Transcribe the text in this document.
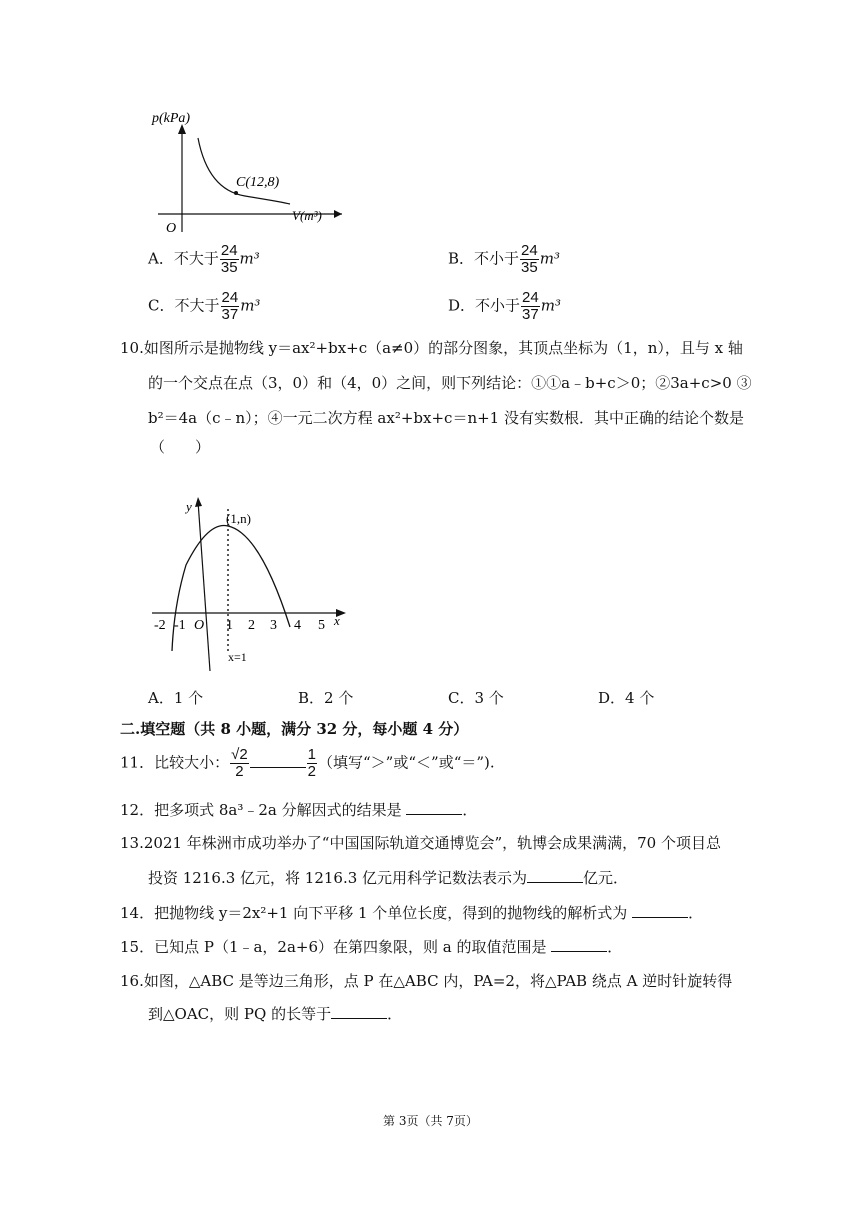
p(kPa)
V(m³)
O
C(12,8)
A．不大于 $\frac{24}{35} m^3$	B．不小于 $\frac{24}{35} m^3$
C．不大于 $\frac{24}{37} m^3$	D．不小于 $\frac{24}{37} m^3$
10.如图所示是抛物线 y＝ax²+bx+c（a≠0）的部分图象，其顶点坐标为（1，n），且与 x 轴
的一个交点在点（3，0）和（4，0）之间，则下列结论：①①a﹣b+c＞0；②3a+c>0 ③
b²＝4a（c﹣n）；④一元二次方程 ax²+bx+c＝n+1 没有实数根．其中正确的结论个数是
（　　）
y
(1,n)
x
O
-2 -1	1 2 3 4 5
x=1
A．1 个	B．2 个	C．3 个	D．4 个
二.填空题（共 8 小题，满分 32 分，每小题 4 分）
11．比较大小： $\frac{√2}{2}$	$\frac{1}{2}$ （填写“＞”或“＜”或“＝”).
12．把多项式 8a³﹣2a 分解因式的结果是	．
13.2021 年株洲市成功举办了“中国国际轨道交通博览会”，轨博会成果满满，70 个项目总
投资 1216.3 亿元，将 1216.3 亿元用科学记数法表示为	亿元．
14．把抛物线 y＝2x²+1 向下平移 1 个单位长度，得到的抛物线的解析式为	．
15．已知点 P（1﹣a，2a+6）在第四象限，则 a 的取值范围是	．
16.如图，△ABC 是等边三角形，点 P 在△ABC 内，PA=2，将△PAB 绕点 A 逆时针旋转得
到△OAC，则 PQ 的长等于	．
第 3页（共 7页）
